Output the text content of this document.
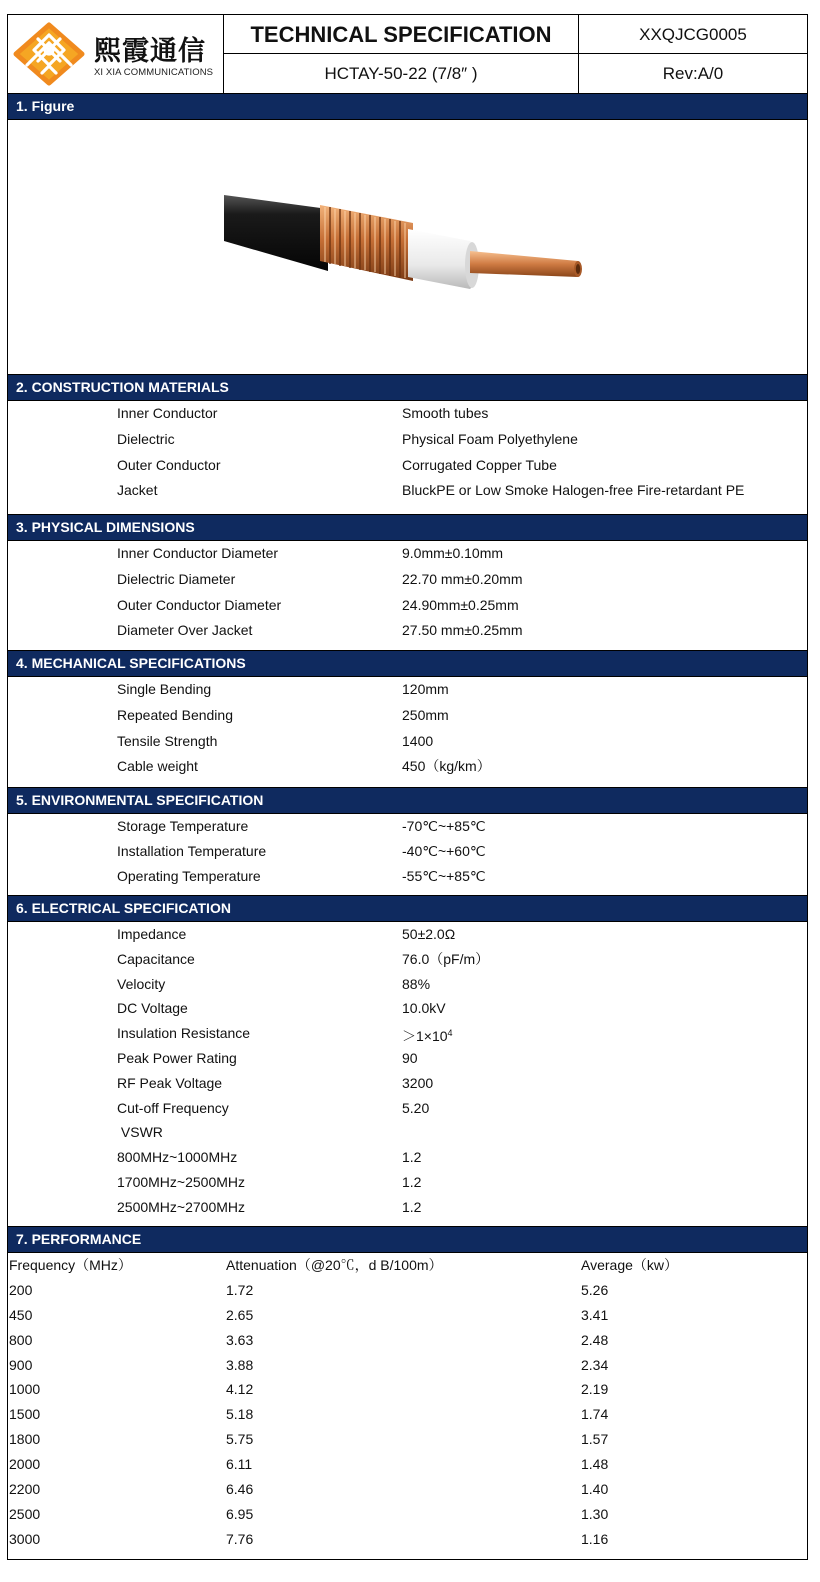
熙霞通信
XI XIA COMMUNICATIONS
TECHNICAL SPECIFICATION	XXQJCG0005
HCTAY-50-22 (7/8″ )	Rev:A/0
1. Figure
2. CONSTRUCTION MATERIALS
Inner Conductor	Smooth tubes
Dielectric	Physical Foam Polyethylene
Outer Conductor	Corrugated Copper Tube
Jacket	BluckPE or Low Smoke Halogen-free Fire-retardant PE
3. PHYSICAL DIMENSIONS
Inner Conductor Diameter	9.0mm±0.10mm
Dielectric Diameter	22.70 mm±0.20mm
Outer Conductor Diameter	24.90mm±0.25mm
Diameter Over Jacket	27.50 mm±0.25mm
4. MECHANICAL SPECIFICATIONS
Single Bending	120mm
Repeated Bending	250mm
Tensile Strength	1400
Cable weight	450（kg/km）
5. ENVIRONMENTAL SPECIFICATION
Storage Temperature	-70℃~+85℃
Installation Temperature	-40℃~+60℃
Operating Temperature	-55℃~+85℃
6. ELECTRICAL SPECIFICATION
Impedance	50±2.0Ω
Capacitance	76.0（pF/m）
Velocity	88%
DC Voltage	10.0kV
Insulation Resistance	$>1\times 10^4$
Peak Power Rating	90
RF Peak Voltage	3200
Cut-off Frequency	5.20
VSWR
800MHz~1000MHz	1.2
1700MHz~2500MHz	1.2
2500MHz~2700MHz	1.2
7. PERFORMANCE
Frequency（MHz）	Attenuation（@20℃，d B/100m）	Average（kw）
200	1.72	5.26
450	2.65	3.41
800	3.63	2.48
900	3.88	2.34
1000	4.12	2.19
1500	5.18	1.74
1800	5.75	1.57
2000	6.11	1.48
2200	6.46	1.40
2500	6.95	1.30
3000	7.76	1.16
